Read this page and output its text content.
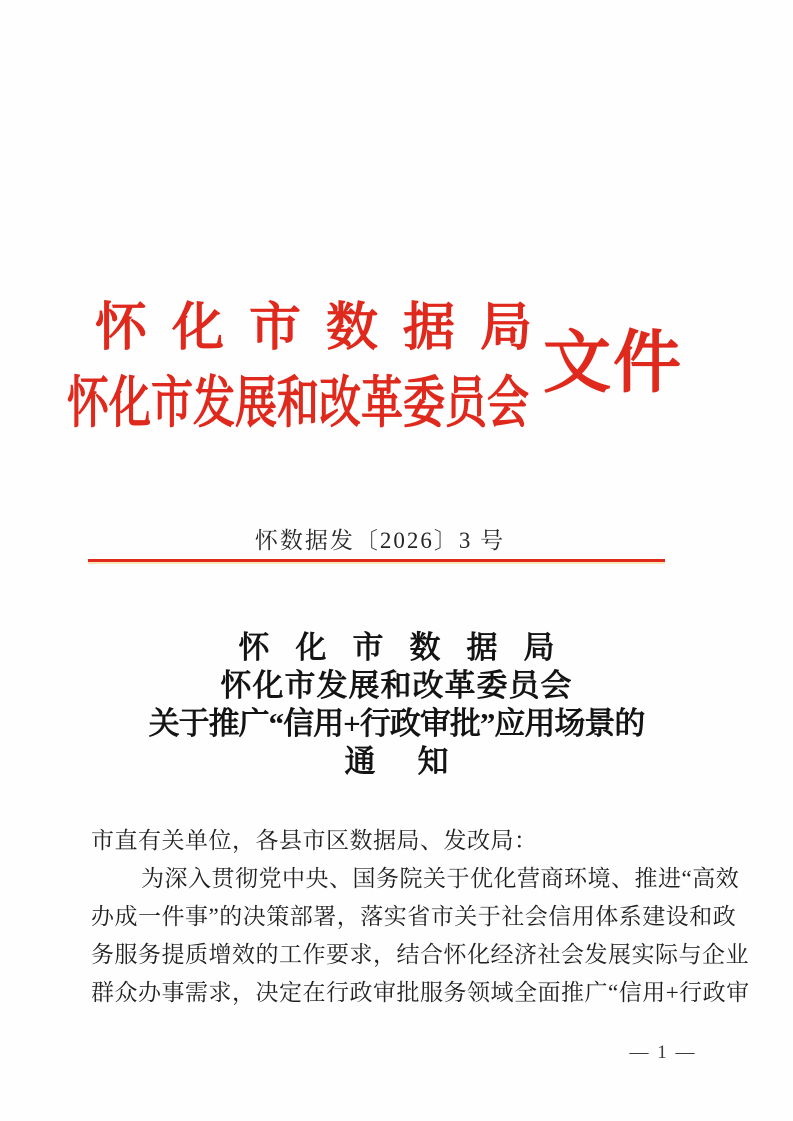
怀化市数据局
怀化市发展和改革委员会
文件
怀数据发〔2026〕3 号
怀化市数据局
怀化市发展和改革委员会
关于推广“信用+行政审批”应用场景的
通知

市直有关单位，各县市区数据局、发改局：

为深入贯彻党中央、国务院关于优化营商环境、推进“高效

办成一件事”的决策部署，落实省市关于社会信用体系建设和政

务服务提质增效的工作要求，结合怀化经济社会发展实际与企业

群众办事需求，决定在行政审批服务领域全面推广“信用+行政审

— 1 —
